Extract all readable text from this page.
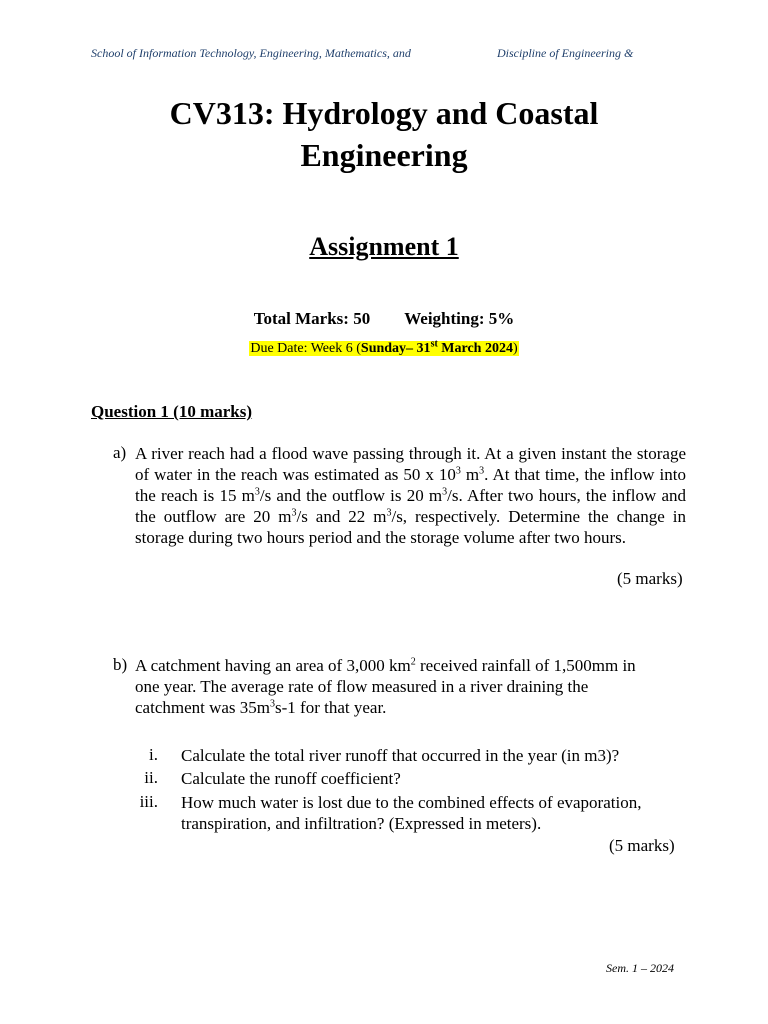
School of Information Technology, Engineering, Mathematics, and	Discipline of Engineering &
CV313: Hydrology and Coastal
Engineering
Assignment 1
Total Marks: 50 Weighting: 5%
Due Date: Week 6 (Sunday– 31st March 2024)
Question 1 (10 marks)
a) A river reach had a flood wave passing through it. At a given instant the storage of water in the reach was estimated as 50 x $10^3$ $m^3$. At that time, the inflow into the reach is 15 $m^3/s$ and the outflow is 20 $m^3/s$. After two hours, the inflow and the outflow are 20 $m^3/s$ and 22 $m^3/s$, respectively. Determine the change in storage during two hours period and the storage volume after two hours.
(5 marks)
b) A catchment having an area of 3,000 $km^2$ received rainfall of 1,500mm in one year. The average rate of flow measured in a river draining the catchment was $35m^3s-1$ for that year.
i. Calculate the total river runoff that occurred in the year (in m3)?
ii. Calculate the runoff coefficient?
iii. How much water is lost due to the combined effects of evaporation, transpiration, and infiltration? (Expressed in meters).
(5 marks)
Sem. 1 – 2024
